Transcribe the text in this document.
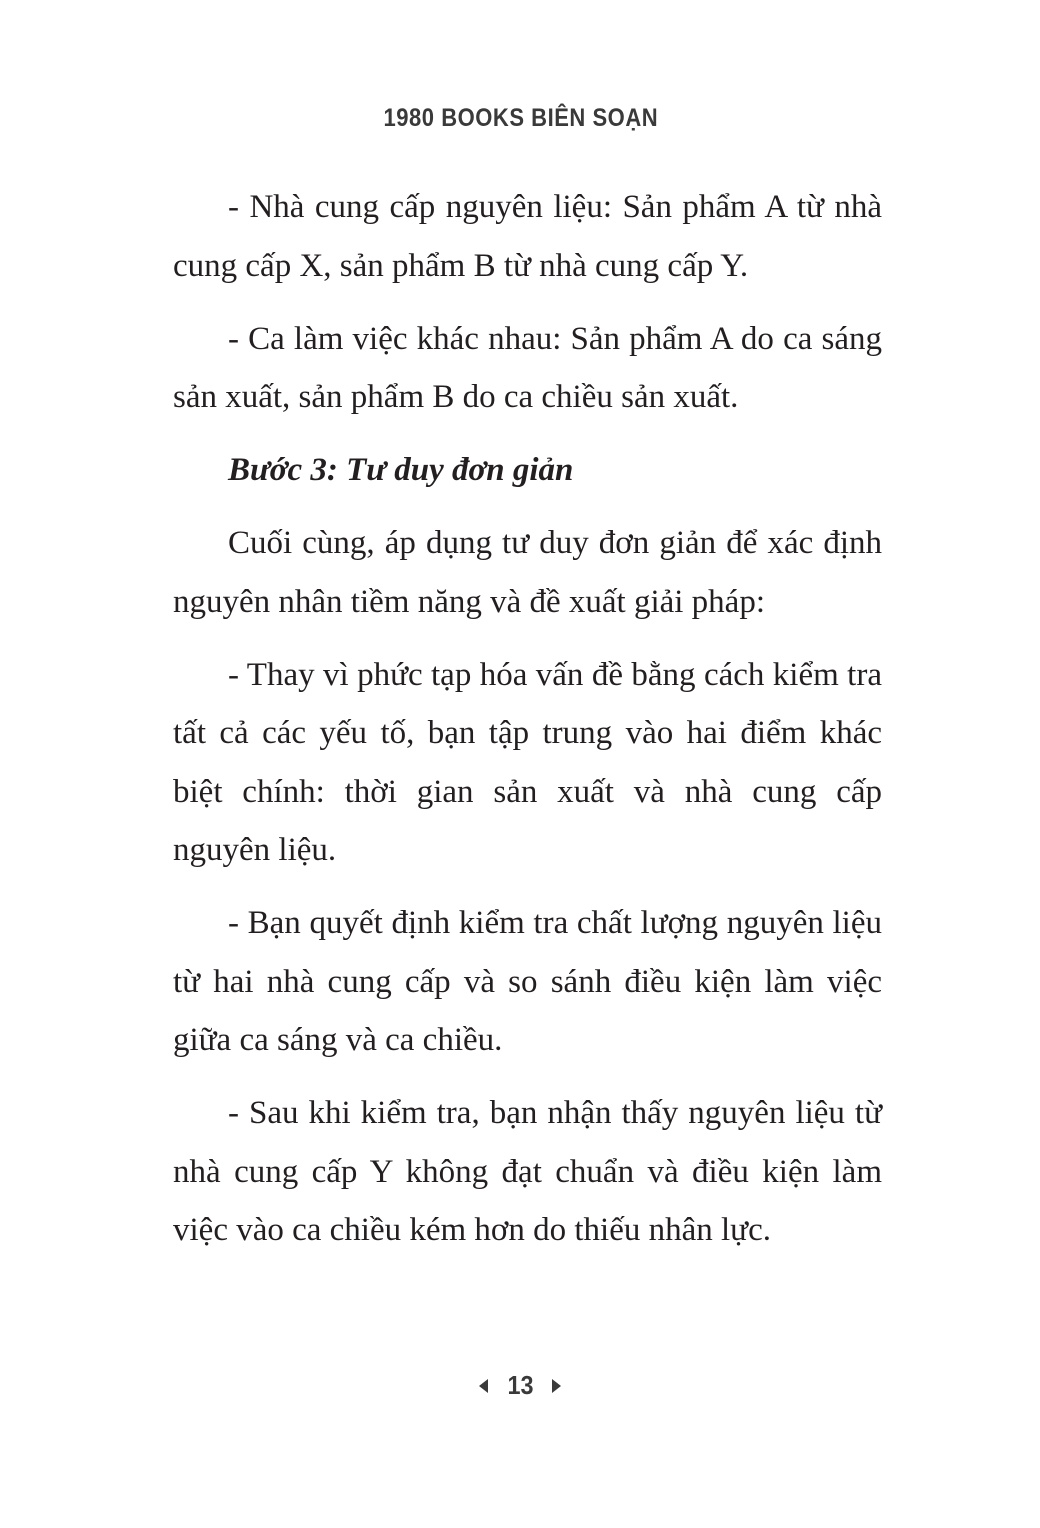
1980 BOOKS BIÊN SOẠN

- Nhà cung cấp nguyên liệu: Sản phẩm A từ nhà cung cấp X, sản phẩm B từ nhà cung cấp Y.

- Ca làm việc khác nhau: Sản phẩm A do ca sáng sản xuất, sản phẩm B do ca chiều sản xuất.

Bước 3: Tư duy đơn giản

Cuối cùng, áp dụng tư duy đơn giản để xác định nguyên nhân tiềm năng và đề xuất giải pháp:

- Thay vì phức tạp hóa vấn đề bằng cách kiểm tra tất cả các yếu tố, bạn tập trung vào hai điểm khác biệt chính: thời gian sản xuất và nhà cung cấp nguyên liệu.

- Bạn quyết định kiểm tra chất lượng nguyên liệu từ hai nhà cung cấp và so sánh điều kiện làm việc giữa ca sáng và ca chiều.

- Sau khi kiểm tra, bạn nhận thấy nguyên liệu từ nhà cung cấp Y không đạt chuẩn và điều kiện làm việc vào ca chiều kém hơn do thiếu nhân lực.

13
